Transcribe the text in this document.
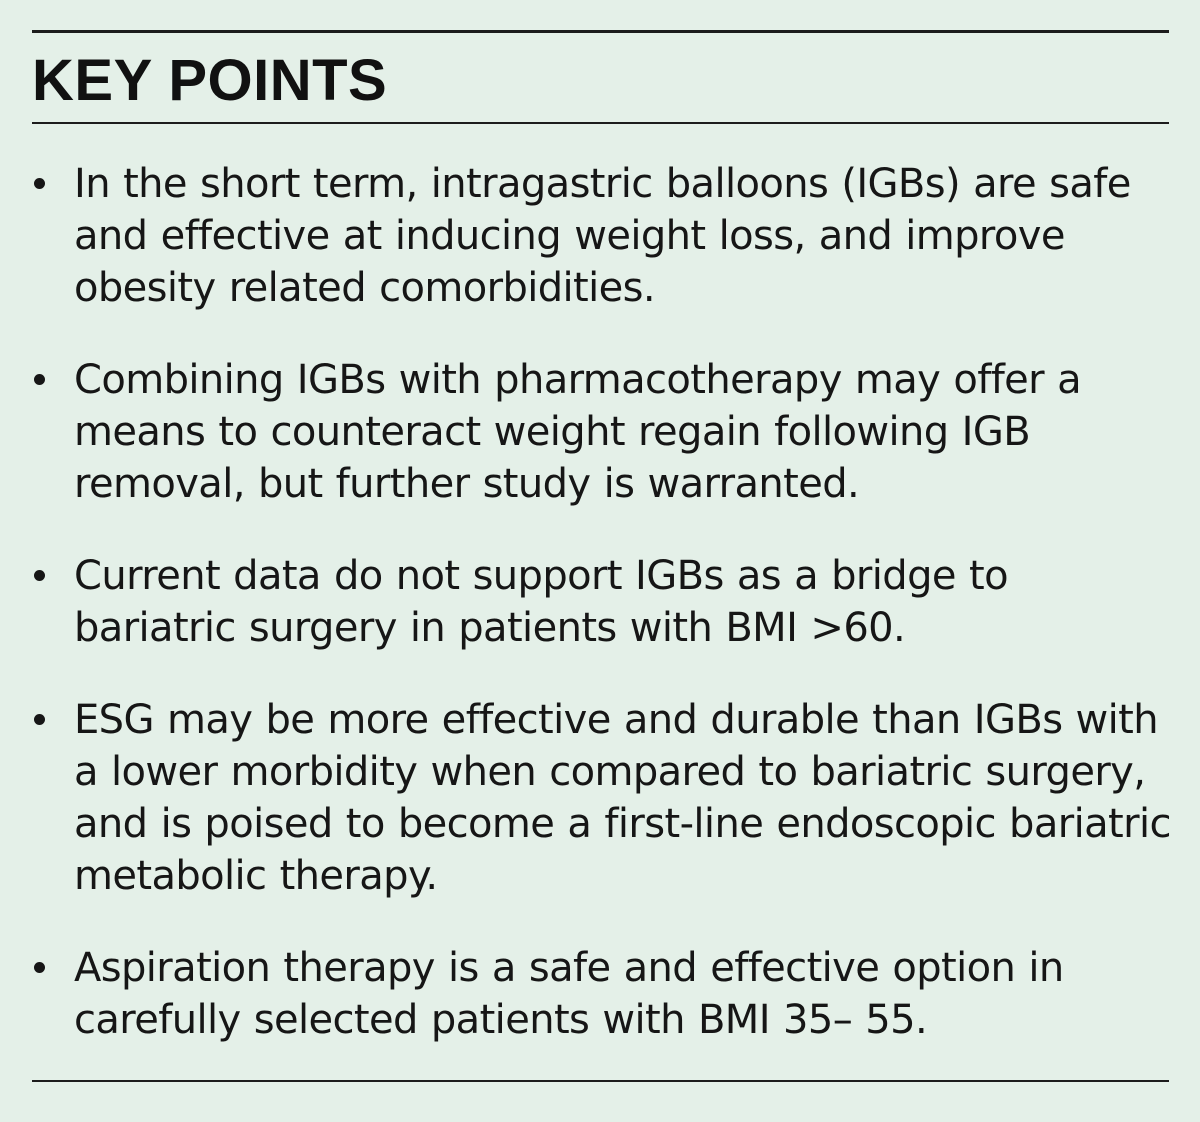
KEY POINTS
In the short term, intragastric balloons (IGBs) are safe and effective at inducing weight loss, and improve obesity related comorbidities.
Combining IGBs with pharmacotherapy may offer a means to counteract weight regain following IGB removal, but further study is warranted.
Current data do not support IGBs as a bridge to bariatric surgery in patients with BMI >60.
ESG may be more effective and durable than IGBs with a lower morbidity when compared to bariatric surgery, and is poised to become a first-line endoscopic bariatric metabolic therapy.
Aspiration therapy is a safe and effective option in carefully selected patients with BMI 35– 55.
